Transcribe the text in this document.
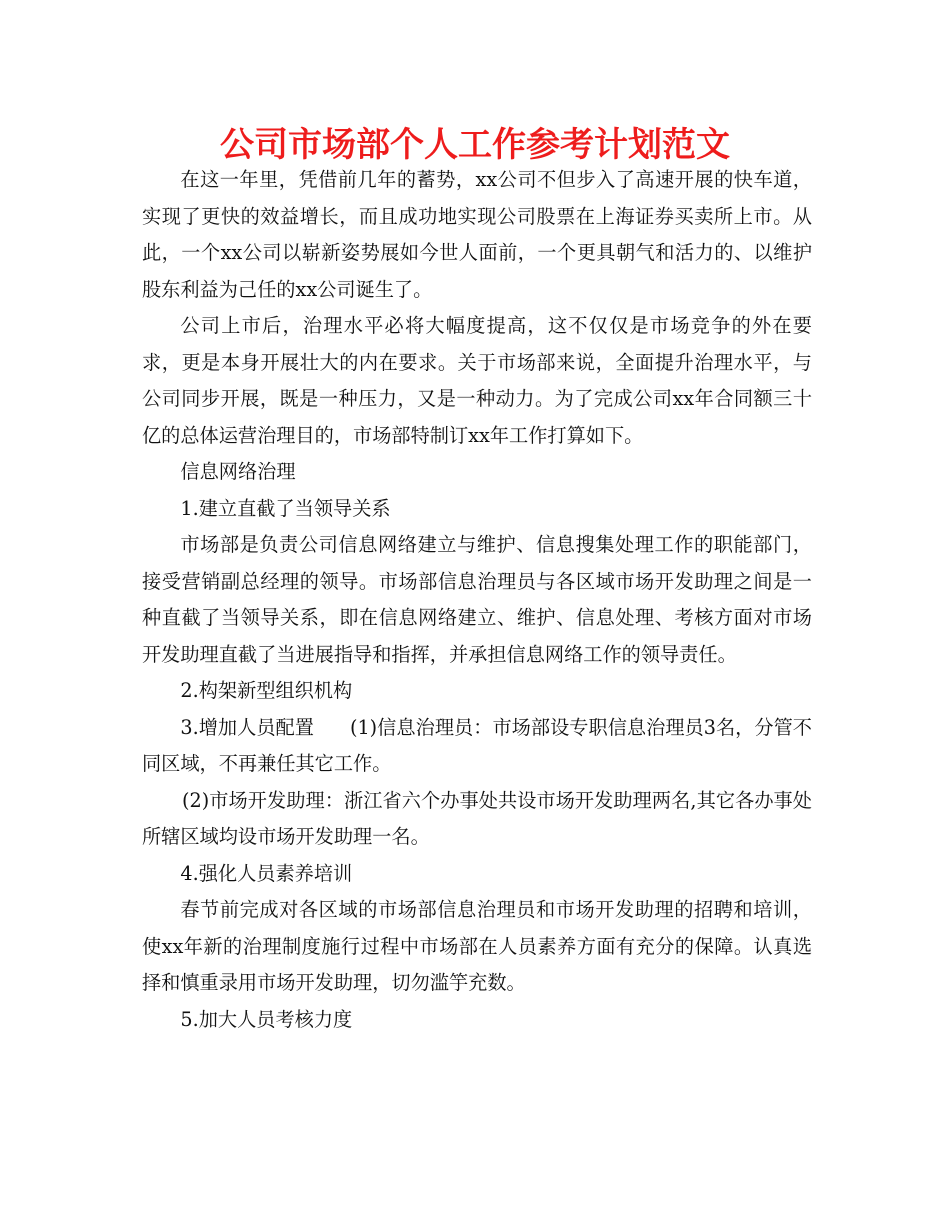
公司市场部个人工作参考计划范文

在这一年里，凭借前几年的蓄势，xx公司不但步入了高速开展的快车道，实现了更快的效益增长，而且成功地实现公司股票在上海证券买卖所上市。从此，一个xx公司以崭新姿势展如今世人面前，一个更具朝气和活力的、以维护股东利益为己任的xx公司诞生了。

公司上市后，治理水平必将大幅度提高，这不仅仅是市场竞争的外在要求，更是本身开展壮大的内在要求。关于市场部来说，全面提升治理水平，与公司同步开展，既是一种压力，又是一种动力。为了完成公司xx年合同额三十亿的总体运营治理目的，市场部特制订xx年工作打算如下。

信息网络治理

1.建立直截了当领导关系

市场部是负责公司信息网络建立与维护、信息搜集处理工作的职能部门，接受营销副总经理的领导。市场部信息治理员与各区域市场开发助理之间是一种直截了当领导关系，即在信息网络建立、维护、信息处理、考核方面对市场开发助理直截了当进展指导和指挥，并承担信息网络工作的领导责任。

2.构架新型组织机构

3.增加人员配置 (1)信息治理员：市场部设专职信息治理员3名，分管不同区域，不再兼任其它工作。

(2)市场开发助理：浙江省六个办事处共设市场开发助理两名,其它各办事处所辖区域均设市场开发助理一名。

4.强化人员素养培训

春节前完成对各区域的市场部信息治理员和市场开发助理的招聘和培训，使xx年新的治理制度施行过程中市场部在人员素养方面有充分的保障。认真选择和慎重录用市场开发助理，切勿滥竽充数。

5.加大人员考核力度
